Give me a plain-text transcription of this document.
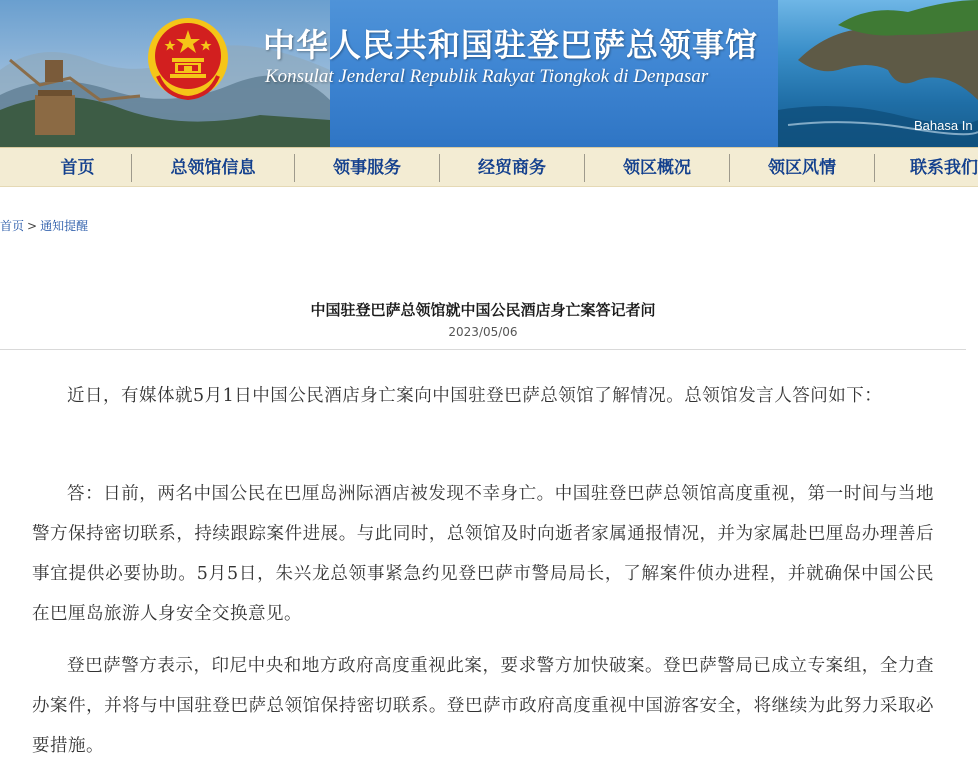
中华人民共和国驻登巴萨总领事馆
Konsulat Jenderal Republik Rakyat Tiongkok di Denpasar
Bahasa In
首页	总领馆信息	领事服务	经贸商务	领区概况	领区风情	联系我们
首页 > 通知提醒
中国驻登巴萨总领馆就中国公民酒店身亡案答记者问
2023/05/06

近日，有媒体就5月1日中国公民酒店身亡案向中国驻登巴萨总领馆了解情况。总领馆发言人答问如下：

答：日前，两名中国公民在巴厘岛洲际酒店被发现不幸身亡。中国驻登巴萨总领馆高度重视，第一时间与当地警方保持密切联系，持续跟踪案件进展。与此同时，总领馆及时向逝者家属通报情况，并为家属赴巴厘岛办理善后事宜提供必要协助。5月5日，朱兴龙总领事紧急约见登巴萨市警局局长，了解案件侦办进程，并就确保中国公民在巴厘岛旅游人身安全交换意见。

登巴萨警方表示，印尼中央和地方政府高度重视此案，要求警方加快破案。登巴萨警局已成立专案组，全力查办案件，并将与中国驻登巴萨总领馆保持密切联系。登巴萨市政府高度重视中国游客安全，将继续为此努力采取必要措施。
